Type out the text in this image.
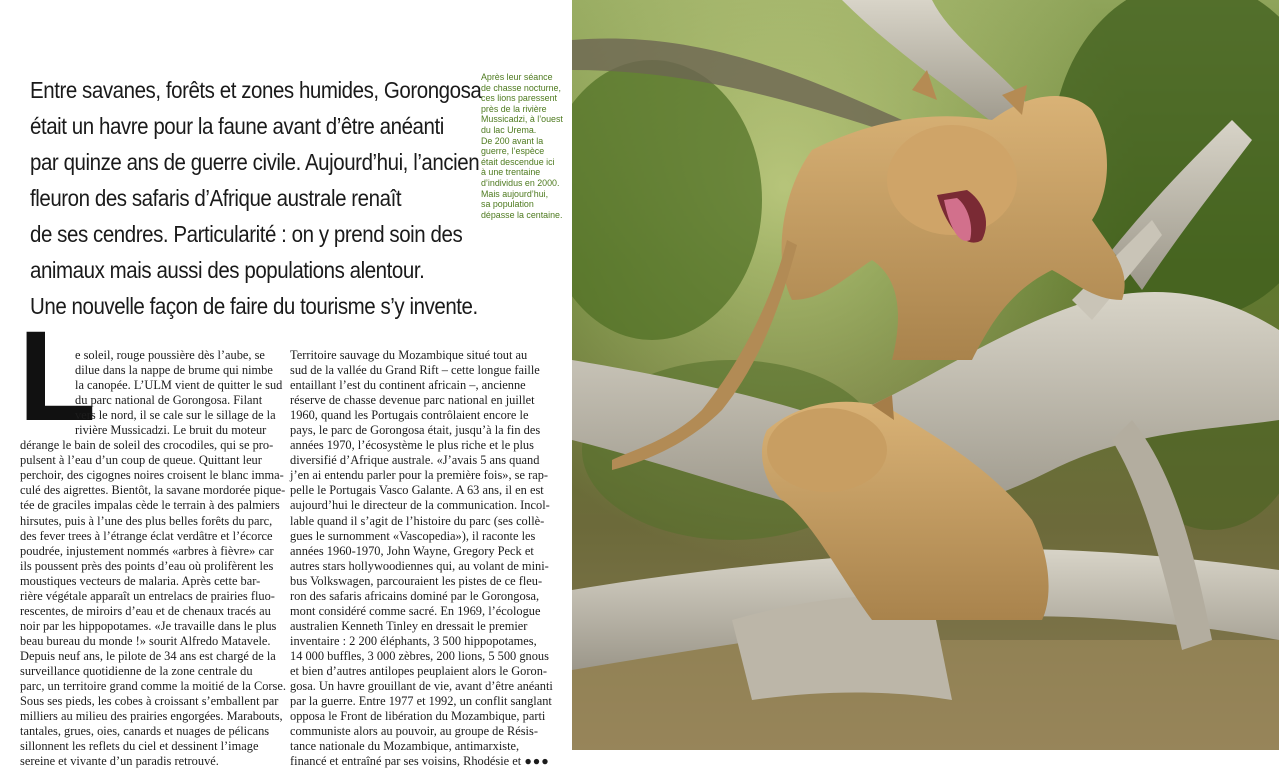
Entre savanes, forêts et zones humides, Gorongosa
était un havre pour la faune avant d’être anéanti
par quinze ans de guerre civile. Aujourd’hui, l’ancien
fleuron des safaris d’Afrique australe renaît
de ses cendres. Particularité : on y prend soin des
animaux mais aussi des populations alentour.
Une nouvelle façon de faire du tourisme s’y invente.
Après leur séance
de chasse nocturne,
ces lions paressent
près de la rivière
Mussicadzi, à l’ouest
du lac Urema.
De 200 avant la
guerre, l’espèce
était descendue ici
à une trentaine
d’individus en 2000.
Mais aujourd’hui,
sa population
dépasse la centaine.
L
e soleil, rouge poussière dès l’aube, se
dilue dans la nappe de brume qui nimbe
la canopée. L’ULM vient de quitter le sud
du parc national de Gorongosa. Filant
vers le nord, il se cale sur le sillage de la
rivière Mussicadzi. Le bruit du moteur
dérange le bain de soleil des crocodiles, qui se pro-
pulsent à l’eau d’un coup de queue. Quittant leur
perchoir, des cigognes noires croisent le blanc imma-
culé des aigrettes. Bientôt, la savane mordorée pique-
tée de graciles impalas cède le terrain à des palmiers
hirsutes, puis à l’une des plus belles forêts du parc,
des fever trees à l’étrange éclat verdâtre et l’écorce
poudrée, injustement nommés «arbres à fièvre» car
ils poussent près des points d’eau où prolifèrent les
moustiques vecteurs de malaria. Après cette bar-
rière végétale apparaît un entrelacs de prairies fluo-
rescentes, de miroirs d’eau et de chenaux tracés au
noir par les hippopotames. «Je travaille dans le plus
beau bureau du monde !» sourit Alfredo Matavele.
Depuis neuf ans, le pilote de 34 ans est chargé de la
surveillance quotidienne de la zone centrale du
parc, un territoire grand comme la moitié de la Corse.
Sous ses pieds, les cobes à croissant s’emballent par
milliers au milieu des prairies engorgées. Marabouts,
tantales, grues, oies, canards et nuages de pélicans
sillonnent les reflets du ciel et dessinent l’image
sereine et vivante d’un paradis retrouvé.
Territoire sauvage du Mozambique situé tout au
sud de la vallée du Grand Rift – cette longue faille
entaillant l’est du continent africain –, ancienne
réserve de chasse devenue parc national en juillet
1960, quand les Portugais contrôlaient encore le
pays, le parc de Gorongosa était, jusqu’à la fin des
années 1970, l’écosystème le plus riche et le plus
diversifié d’Afrique australe. «J’avais 5 ans quand
j’en ai entendu parler pour la première fois», se rap-
pelle le Portugais Vasco Galante. A 63 ans, il en est
aujourd’hui le directeur de la communication. Incol-
lable quand il s’agit de l’histoire du parc (ses collè-
gues le surnomment «Vascopedia»), il raconte les
années 1960-1970, John Wayne, Gregory Peck et
autres stars hollywoodiennes qui, au volant de mini-
bus Volkswagen, parcouraient les pistes de ce fleu-
ron des safaris africains dominé par le Gorongosa,
mont considéré comme sacré. En 1969, l’écologue
australien Kenneth Tinley en dressait le premier
inventaire : 2 200 éléphants, 3 500 hippopotames,
14 000 buffles, 3 000 zèbres, 200 lions, 5 500 gnous
et bien d’autres antilopes peuplaient alors le Goron-
gosa. Un havre grouillant de vie, avant d’être anéanti
par la guerre. Entre 1977 et 1992, un conflit sanglant
opposa le Front de libération du Mozambique, parti
communiste alors au pouvoir, au groupe de Résis-
tance nationale du Mozambique, antimarxiste,
financé et entraîné par ses voisins, Rhodésie et ●●●
